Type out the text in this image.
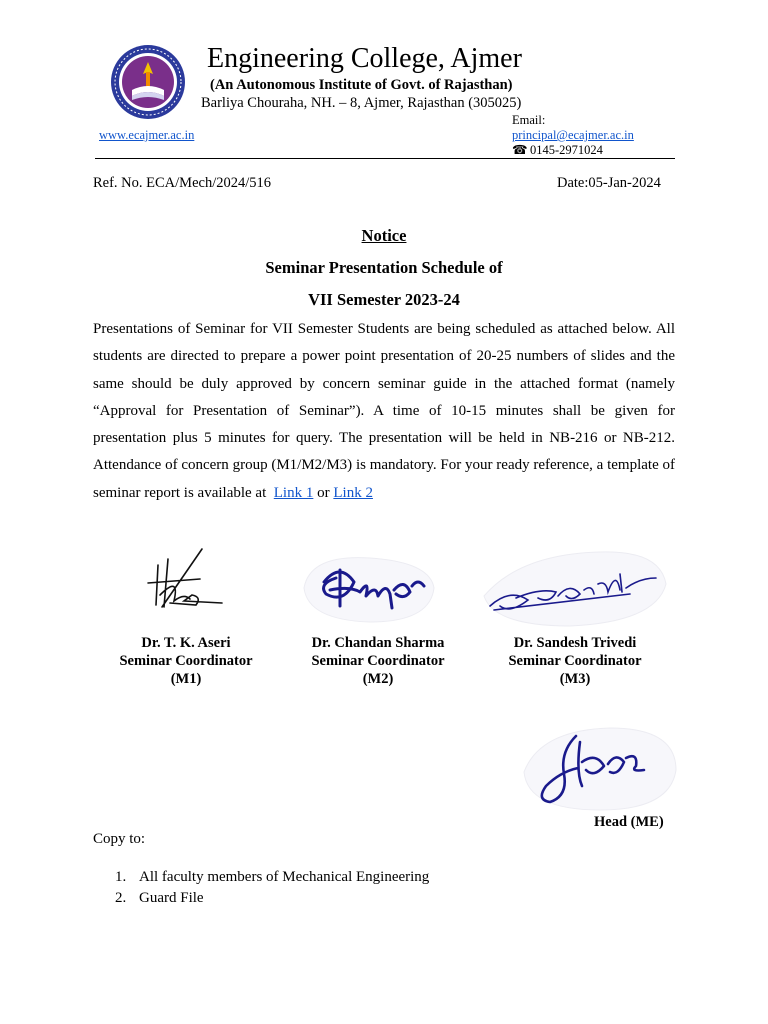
Engineering College, Ajmer
(An Autonomous Institute of Govt. of Rajasthan)
Barliya Chouraha, NH. – 8, Ajmer, Rajasthan (305025)
www.ecajmer.ac.in
Email:
principal@ecajmer.ac.in
☎ 0145-2971024
Ref. No. ECA/Mech/2024/516	Date:05-Jan-2024
Notice
Seminar Presentation Schedule of
VII Semester 2023-24
Presentations of Seminar for VII Semester Students are being scheduled as attached below. All students are directed to prepare a power point presentation of 20-25 numbers of slides and the same should be duly approved by concern seminar guide in the attached format (namely “Approval for Presentation of Seminar”). A time of 10-15 minutes shall be given for presentation plus 5 minutes for query. The presentation will be held in NB-216 or NB-212. Attendance of concern group (M1/M2/M3) is mandatory. For your ready reference, a template of seminar report is available at Link 1 or Link 2
Dr. T. K. Aseri
Seminar Coordinator
(M1)
Dr. Chandan Sharma
Seminar Coordinator
(M2)
Dr. Sandesh Trivedi
Seminar Coordinator
(M3)
Head (ME)
Copy to:
1. All faculty members of Mechanical Engineering
2. Guard File
